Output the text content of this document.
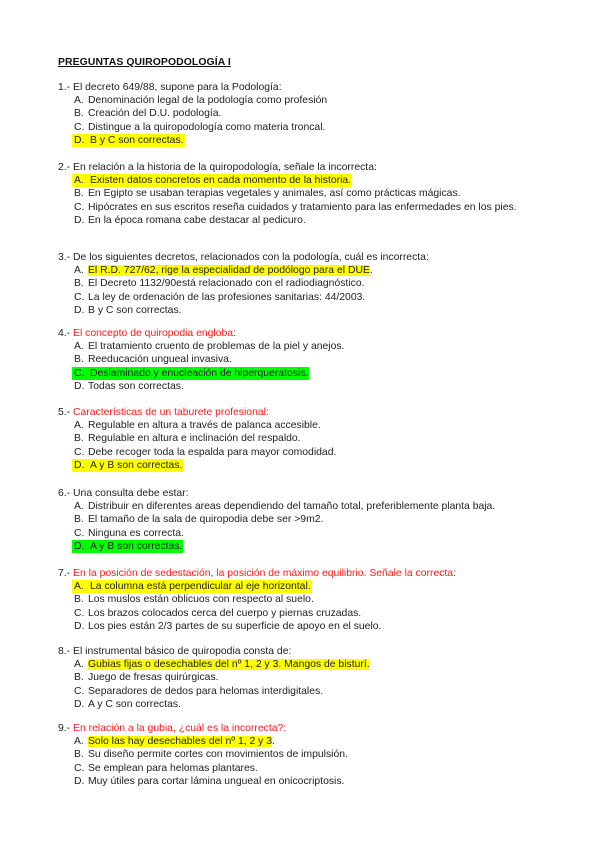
PREGUNTAS QUIROPODOLOGÍA I
1.- El decreto 649/88, supone para la Podología:
A. Denominación legal de la podología como profesión
B. Creación del D.U. podología.
C. Distingue a la quiropodología como materia troncal.
D. B y C son correctas.
2.- En relación a la historia de la quiropodología, señale la incorrecta:
A. Existen datos concretos en cada momento de la historia.
B. En Egipto se usaban terapias vegetales y animales, así como prácticas mágicas.
C. Hipócrates en sus escritos reseña cuidados y tratamiento para las enfermedades en los pies.
D. En la época romana cabe destacar al pedicuro.
3.- De los siguientes decretos, relacionados con la podología, cuál es incorrecta:
A. El R.D. 727/62, rige la especialidad de podólogo para el DUE.
B. El Decreto 1132/90está relacionado con el radiodiagnóstico.
C. La ley de ordenación de las profesiones sanitarias: 44/2003.
D. B y C son correctas.
4.- El concepto de quiropodia engloba:
A. El tratamiento cruento de problemas de la piel y anejos.
B. Reeducación ungueal invasiva.
C. Deslaminado y enucleación de hiperqueratosis.
D. Todas son correctas.
5.- Características de un taburete profesional:
A. Regulable en altura a través de palanca accesible.
B. Regulable en altura e inclinación del respaldo.
C. Debe recoger toda la espalda para mayor comodidad.
D. A y B son correctas.
6.- Una consulta debe estar:
A. Distribuir en diferentes areas dependiendo del tamaño total, preferiblemente planta baja.
B. El tamaño de la sala de quiropodia debe ser >9m2.
C. Ninguna es correcta.
D. A y B son correctas.
7.- En la posición de sedestación, la posición de máximo equilibrio. Señale la correcta:
A. La columna está perpendicular al eje horizontal.
B. Los muslos están oblicuos con respecto al suelo.
C. Los brazos colocados cerca del cuerpo y piernas cruzadas.
D. Los pies están 2/3 partes de su superficie de apoyo en el suelo.
8.- El instrumental básico de quiropodia consta de:
A. Gubias fijas o desechables del nº 1, 2 y 3. Mangos de bisturí.
B. Juego de fresas quirúrgicas.
C. Separadores de dedos para helomas interdigitales.
D. A y C son correctas.
9.- En relación a la gubia, ¿cuál es la incorrecta?:
A. Solo las hay desechables del nº 1, 2 y 3.
B. Su diseño permite cortes con movimientos de impulsión.
C. Se emplean para helomas plantares.
D. Muy útiles para cortar lámina ungueal en onicocriptosis.
